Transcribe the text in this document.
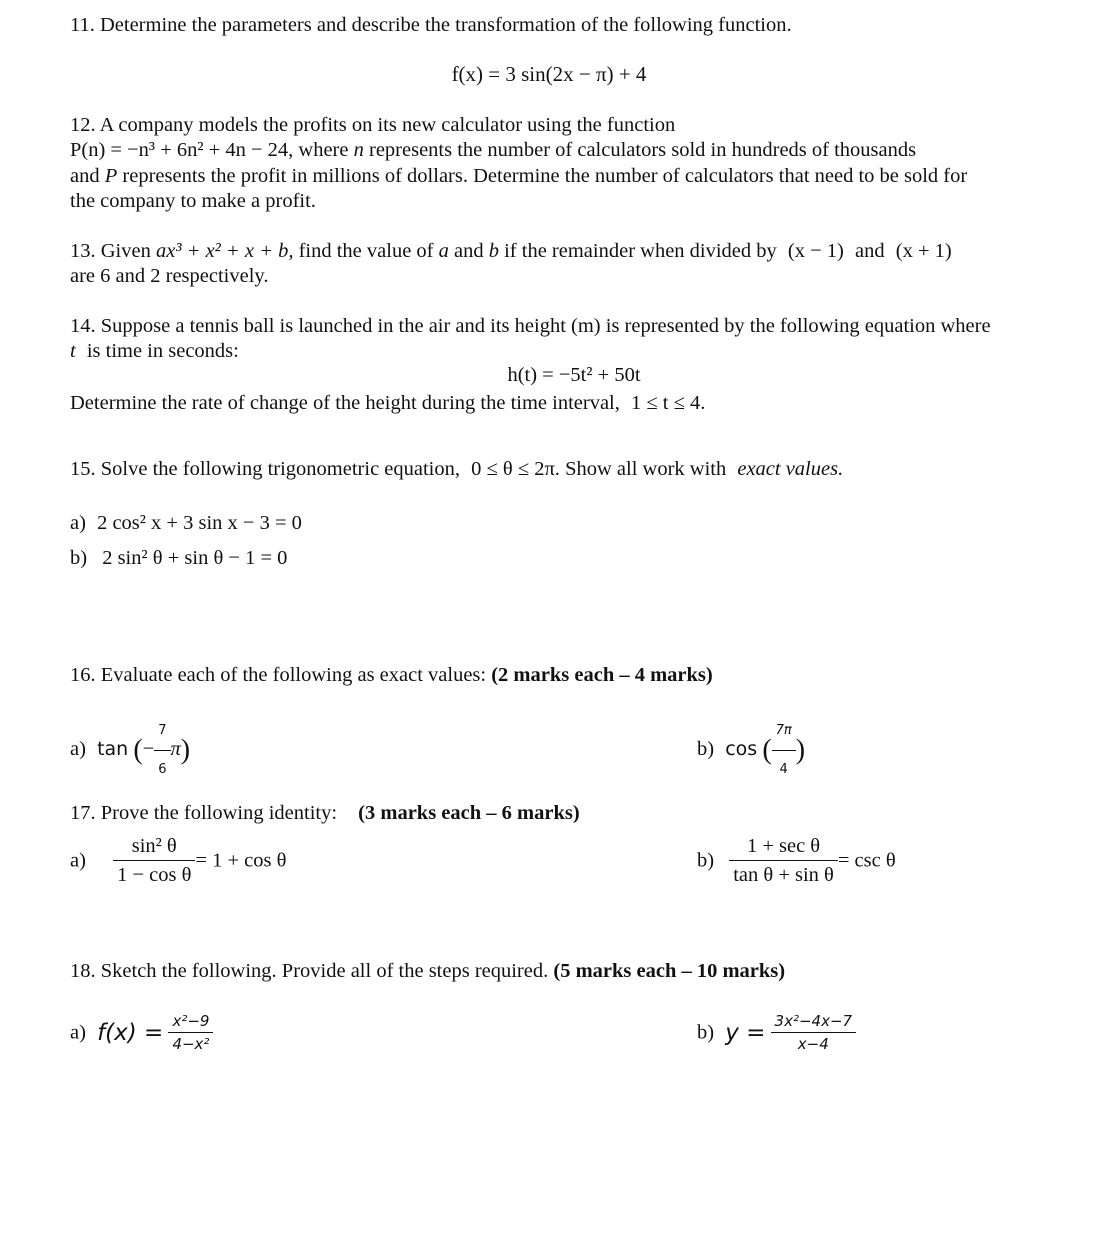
11. Determine the parameters and describe the transformation of the following function.
f(x) = 3 sin(2x − π) + 4
12. A company models the profits on its new calculator using the function
P(n) = −n³ + 6n² + 4n − 24, where n represents the number of calculators sold in hundreds of thousands
and P represents the profit in millions of dollars. Determine the number of calculators that need to be sold for
the company to make a profit.
13. Given ax³ + x² + x + b, find the value of a and b if the remainder when divided by (x − 1) and (x + 1)
are 6 and 2 respectively.
14. Suppose a tennis ball is launched in the air and its height (m) is represented by the following equation where
t is time in seconds:
h(t) = −5t² + 50t
Determine the rate of change of the height during the time interval, 1 ≤ t ≤ 4.
15. Solve the following trigonometric equation, 0 ≤ θ ≤ 2π. Show all work with exact values.
a) 2 cos² x + 3 sin x − 3 = 0
b) 2 sin² θ + sin θ − 1 = 0
16. Evaluate each of the following as exact values: (2 marks each – 4 marks)
a) tan (− $\frac{7}{6} \pi$)	b) cos ( $\frac{7\pi}{4}$ )
17. Prove the following identity: (3 marks each – 6 marks)
$a) \frac{\text{sin² θ}}{\text{1 − cos θ}} = 1 + \cos \theta$	$b) \frac{\text{1 + sec θ}}{\text{tan θ + sin θ}} = \csc \theta$
18. Sketch the following. Provide all of the steps required. (5 marks each – 10 marks)
a) $f(x) = \frac{\text{x²−9}}{\text{4−x²}}$	b) $y = \frac{\text{3x²−4x−7}}{x-4}$
